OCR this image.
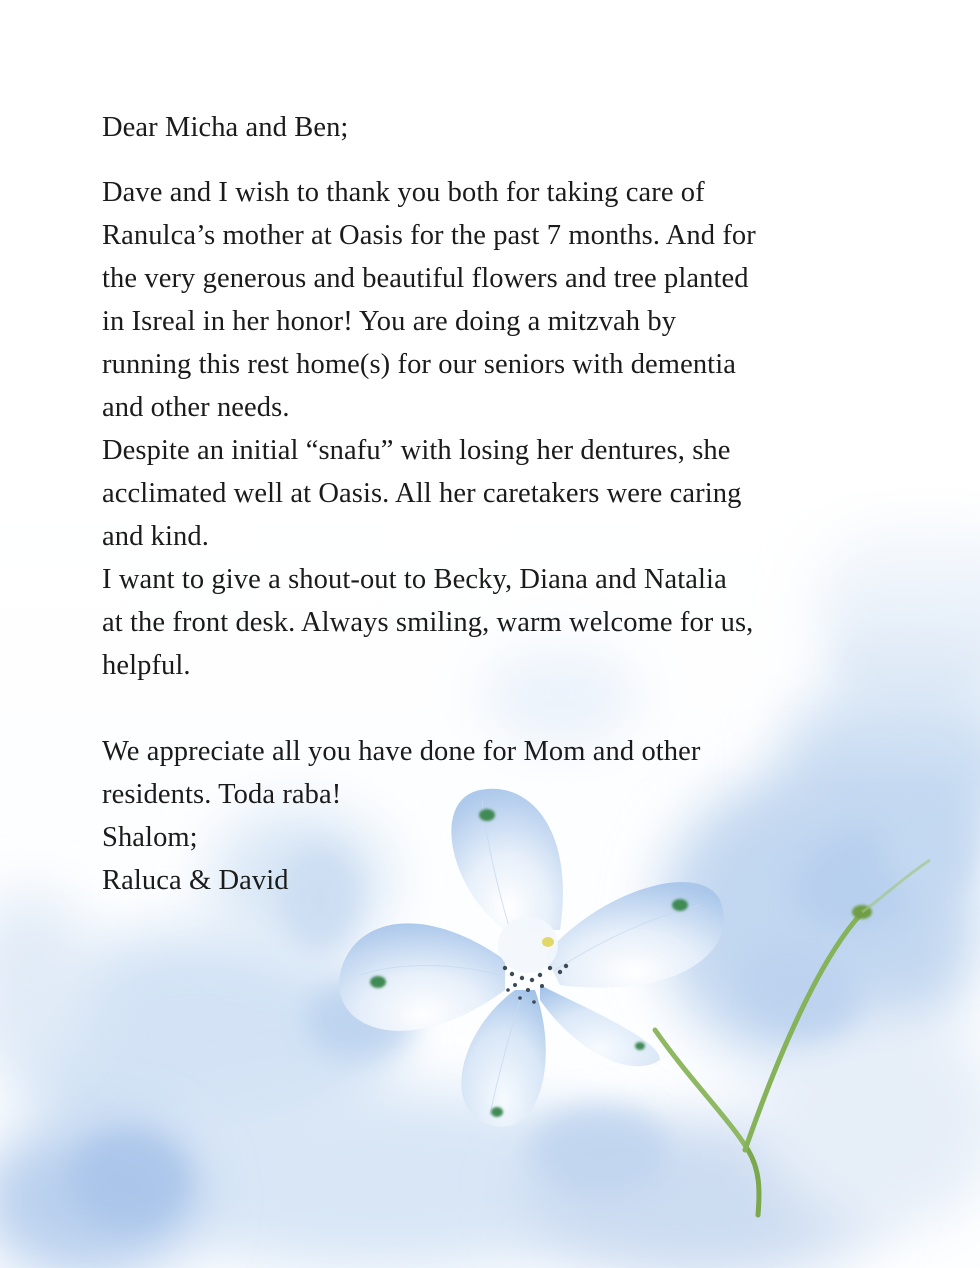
Dear Micha and Ben;
Dave and I wish to thank you both for taking care of
Ranulca’s mother at Oasis for the past 7 months. And for
the very generous and beautiful flowers and tree planted
in Isreal in her honor! You are doing a mitzvah by
running this rest home(s) for our seniors with dementia
and other needs.
Despite an initial “snafu” with losing her dentures, she
acclimated well at Oasis. All her caretakers were caring
and kind.
I want to give a shout-out to Becky, Diana and Natalia
at the front desk. Always smiling, warm welcome for us,
helpful.
We appreciate all you have done for Mom and other
residents. Toda raba!
Shalom;
Raluca & David
